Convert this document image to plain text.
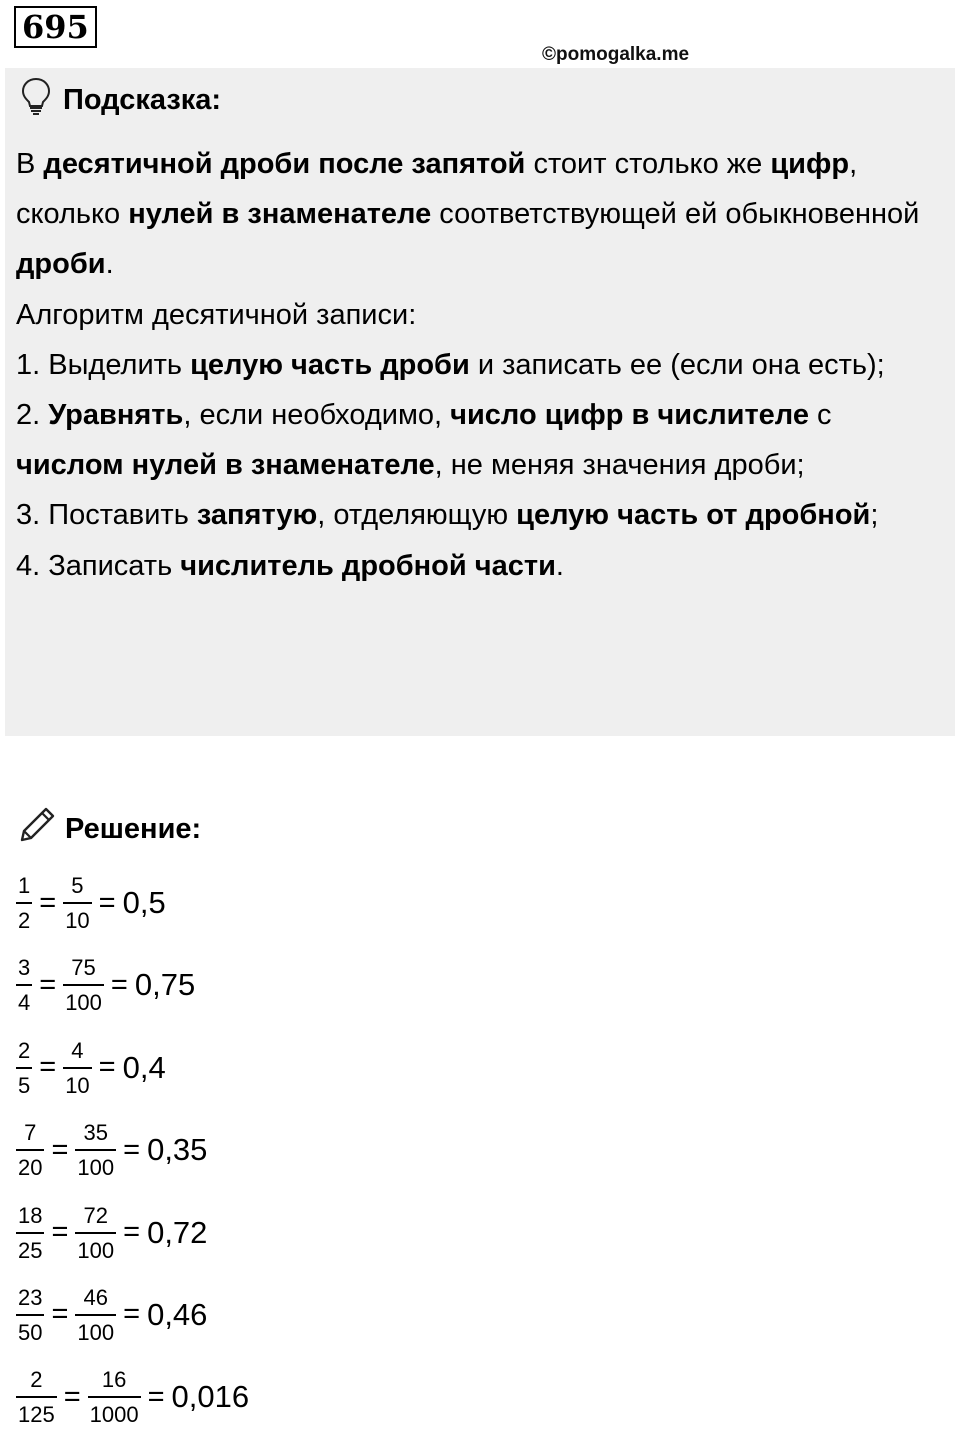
695
©pomogalka.me
Подсказка:

В десятичной дроби после запятой стоит столько же цифр, сколько нулей в знаменателе соответствующей ей обыкновенной дроби.

Алгоритм десятичной записи:

1. Выделить целую часть дроби и записать ее (если она есть);

2. Уравнять, если необходимо, число цифр в числителе с числом нулей в знаменателе, не меняя значения дроби;

3. Поставить запятую, отделяющую целую часть от дробной;

4. Записать числитель дробной части.

Решение:
$\frac{1}{2} = \frac{5}{10} = 0,5$
$\frac{3}{4} = \frac{75}{100} = 0,75$
$\frac{2}{5} = \frac{4}{10} = 0,4$
$\frac{7}{20} = \frac{35}{100} = 0,35$
$\frac{18}{25} = \frac{72}{100} = 0,72$
$\frac{23}{50} = \frac{46}{100} = 0,46$
$\frac{2}{125} = \frac{16}{1000} = 0,016$
